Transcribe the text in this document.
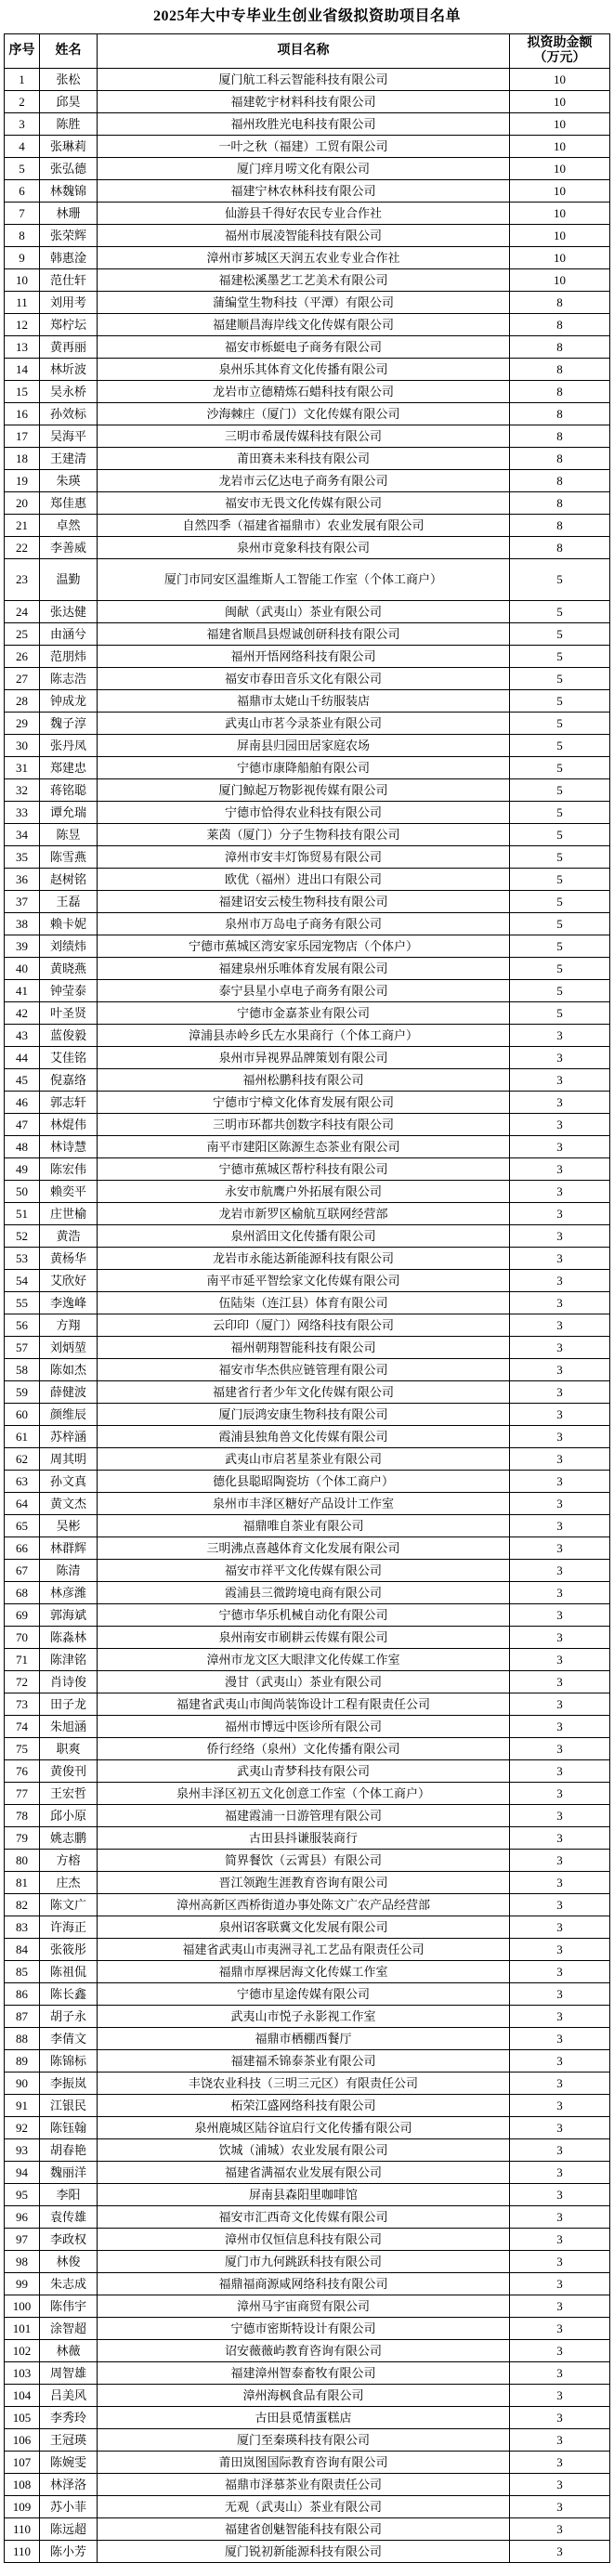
2025年大中专毕业生创业省级拟资助项目名单
序号	姓名	项目名称	拟资助金额
（万元）

1	张松	厦门航工科云智能科技有限公司	10
2	邱昊	福建乾宇材料科技有限公司	10
3	陈胜	福州玫胜光电科技有限公司	10
4	张琳莉	一叶之秋（福建）工贸有限公司	10
5	张弘德	厦门痒月唠文化有限公司	10
6	林魏锦	福建宁林农林科技有限公司	10
7	林珊	仙游县千得好农民专业合作社	10
8	张荣辉	福州市展凌智能科技有限公司	10
9	韩惠淦	漳州市芗城区天润五农业专业合作社	10
10	范仕轩	福建松溪墨艺工艺美术有限公司	10
11	刘用考	蒲编堂生物科技（平潭）有限公司	8
12	郑柠坛	福建顺昌海岸线文化传媒有限公司	8
13	黄再丽	福安市栎蜓电子商务有限公司	8
14	林圻波	泉州乐其体育文化传播有限公司	8
15	吴永桥	龙岩市立德精炼石蜡科技有限公司	8
16	孙效标	沙海棘庄（厦门）文化传媒有限公司	8
17	吴海平	三明市希晟传媒科技有限公司	8
18	王建清	莆田赛未来科技有限公司	8
19	朱瑛	龙岩市云亿达电子商务有限公司	8
20	郑佳惠	福安市无畏文化传媒有限公司	8
21	卓然	自然四季（福建省福鼎市）农业发展有限公司	8
22	李善威	泉州市竟象科技有限公司	8
23	温勤	厦门市同安区温维斯人工智能工作室（个体工商户）	5
24	张达健	闽献（武夷山）茶业有限公司	5
25	由涵兮	福建省顺昌县煜诚创研科技有限公司	5
26	范朋炜	福州开悟网络科技有限公司	5
27	陈志浩	福安市春田音乐文化有限公司	5
28	钟成龙	福鼎市太姥山千纺服装店	5
29	魏子淳	武夷山市茗今录茶业有限公司	5
30	张丹凤	屏南县归园田居家庭农场	5
31	郑建忠	宁德市康降船舶有限公司	5
32	蒋铭聪	厦门鲸起万物影视传媒有限公司	5
33	谭允瑞	宁德市恰得农业科技有限公司	5
34	陈昱	莱茵（厦门）分子生物科技有限公司	5
35	陈雪燕	漳州市安丰灯饰贸易有限公司	5
36	赵树铭	欧优（福州）进出口有限公司	5
37	王磊	福建诏安云棱生物科技有限公司	5
38	赖卡妮	泉州市万岛电子商务有限公司	5
39	刘绩炜	宁德市蕉城区湾安家乐园宠物店（个体户）	5
40	黄晓燕	福建泉州乐唯体育发展有限公司	5
41	钟莹泰	泰宁县星小卓电子商务有限公司	5
42	叶圣贤	宁德市金嘉茶业有限公司	5
43	蓝俊毅	漳浦县赤岭乡氏左水果商行（个体工商户）	3
44	艾佳铭	泉州市异视界品牌策划有限公司	3
45	倪嘉络	福州松鹏科技有限公司	3
46	郭志轩	宁德市宁樟文化体育发展有限公司	3
47	林焜伟	三明市环都共创数字科技有限公司	3
48	林诗慧	南平市建阳区陈源生态茶业有限公司	3
49	陈宏伟	宁德市蕉城区帮柠科技有限公司	3
50	赖奕平	永安市航鹰户外拓展有限公司	3
51	庄世榆	龙岩市新罗区榆航互联网经营部	3
52	黄浩	泉州滔田文化传播有限公司	3
53	黄杨华	龙岩市永能达新能源科技有限公司	3
54	艾欣好	南平市延平智绘家文化传媒有限公司	3
55	李逸峰	伍陆柒（连江县）体育有限公司	3
56	方翔	云印印（厦门）网络科技有限公司	3
57	刘炳堃	福州朝翔智能科技有限公司	3
58	陈如杰	福安市华杰供应链管理有限公司	3
59	薛健波	福建省行者少年文化传媒有限公司	3
60	颜维辰	厦门辰鸿安康生物科技有限公司	3
61	苏梓涵	霞浦县独角兽文化传媒有限公司	3
62	周其明	武夷山市启茗星茶业有限公司	3
63	孙文真	德化县聪昭陶瓷坊（个体工商户）	3
64	黄文杰	泉州市丰泽区糖好产品设计工作室	3
65	吴彬	福鼎唯自茶业有限公司	3
66	林群辉	三明沸点喜越体育文化发展有限公司	3
67	陈清	福安市祥平文化传媒有限公司	3
68	林彦潍	霞浦县三微跨境电商有限公司	3
69	郭海斌	宁德市华乐机械自动化有限公司	3
70	陈淼林	泉州南安市刷耕云传媒有限公司	3
71	陈津铭	漳州市龙文区大眼津文化传媒工作室	3
72	肖诗俊	漫甘（武夷山）茶业有限公司	3
73	田子龙	福建省武夷山市闽尚装饰设计工程有限责任公司	3
74	朱旭涵	福州市博远中医诊所有限公司	3
75	职爽	侨行经络（泉州）文化传播有限公司	3
76	黄俊刊	武夷山青梦科技有限公司	3
77	王宏哲	泉州丰泽区初五文化创意工作室（个体工商户）	3
78	邱小原	福建霞浦一日游管理有限公司	3
79	姚志鹏	古田县抖谦服装商行	3
80	方榕	简界餐饮（云霄县）有限公司	3
81	庄杰	晋江领跑生涯教育咨询有限公司	3
82	陈文广	漳州高新区西桥街道办事处陈文广农产品经营部	3
83	许海正	泉州诏客联冀文化发展有限公司	3
84	张筱彤	福建省武夷山市夷洲寻礼工艺品有限责任公司	3
85	陈祖侃	福鼎市厚裸居海文化传媒工作室	3
86	陈长鑫	宁德市星途传媒有限公司	3
87	胡子永	武夷山市悦子永影视工作室	3
88	李倩文	福鼎市栖棚西餐厅	3
89	陈锦标	福建福禾锦泰茶业有限公司	3
90	李振岚	丰饶农业科技（三明三元区）有限责任公司	3
91	江银民	柘荣江盛网络科技有限公司	3
92	陈钰翰	泉州鹿城区陆谷谊启行文化传播有限公司	3
93	胡春艳	饮城（浦城）农业发展有限公司	3
94	魏丽洋	福建省满福农业发展有限公司	3
95	李阳	屏南县森阳里咖啡馆	3
96	袁传雄	福安市汇西奇文化传媒有限公司	3
97	李政权	漳州市仅恒信息科技有限公司	3
98	林俊	厦门市九何跳跃科技有限公司	3
99	朱志成	福鼎福商源咸网络科技有限公司	3
100	陈伟宇	漳州马宇宙商贸有限公司	3
101	涂智超	宁德市密斯特设计有限公司	3
102	林薇	诏安薇薇屿教育咨询有限公司	3
103	周智雄	福建漳州智泰畜牧有限公司	3
104	吕美风	漳州海枫食品有限公司	3
105	李秀玲	古田县觅情蛋糕店	3
106	王冠瑛	厦门至秦瑛科技有限公司	3
107	陈婉雯	莆田岚图国际教育咨询有限公司	3
108	林泽洛	福鼎市泽慕茶业有限责任公司	3
109	苏小菲	无观（武夷山）茶业有限公司	3
110	陈远超	福建省创魅智能科技有限公司	3
110	陈小芳	厦门锐初新能源科技有限公司	3
